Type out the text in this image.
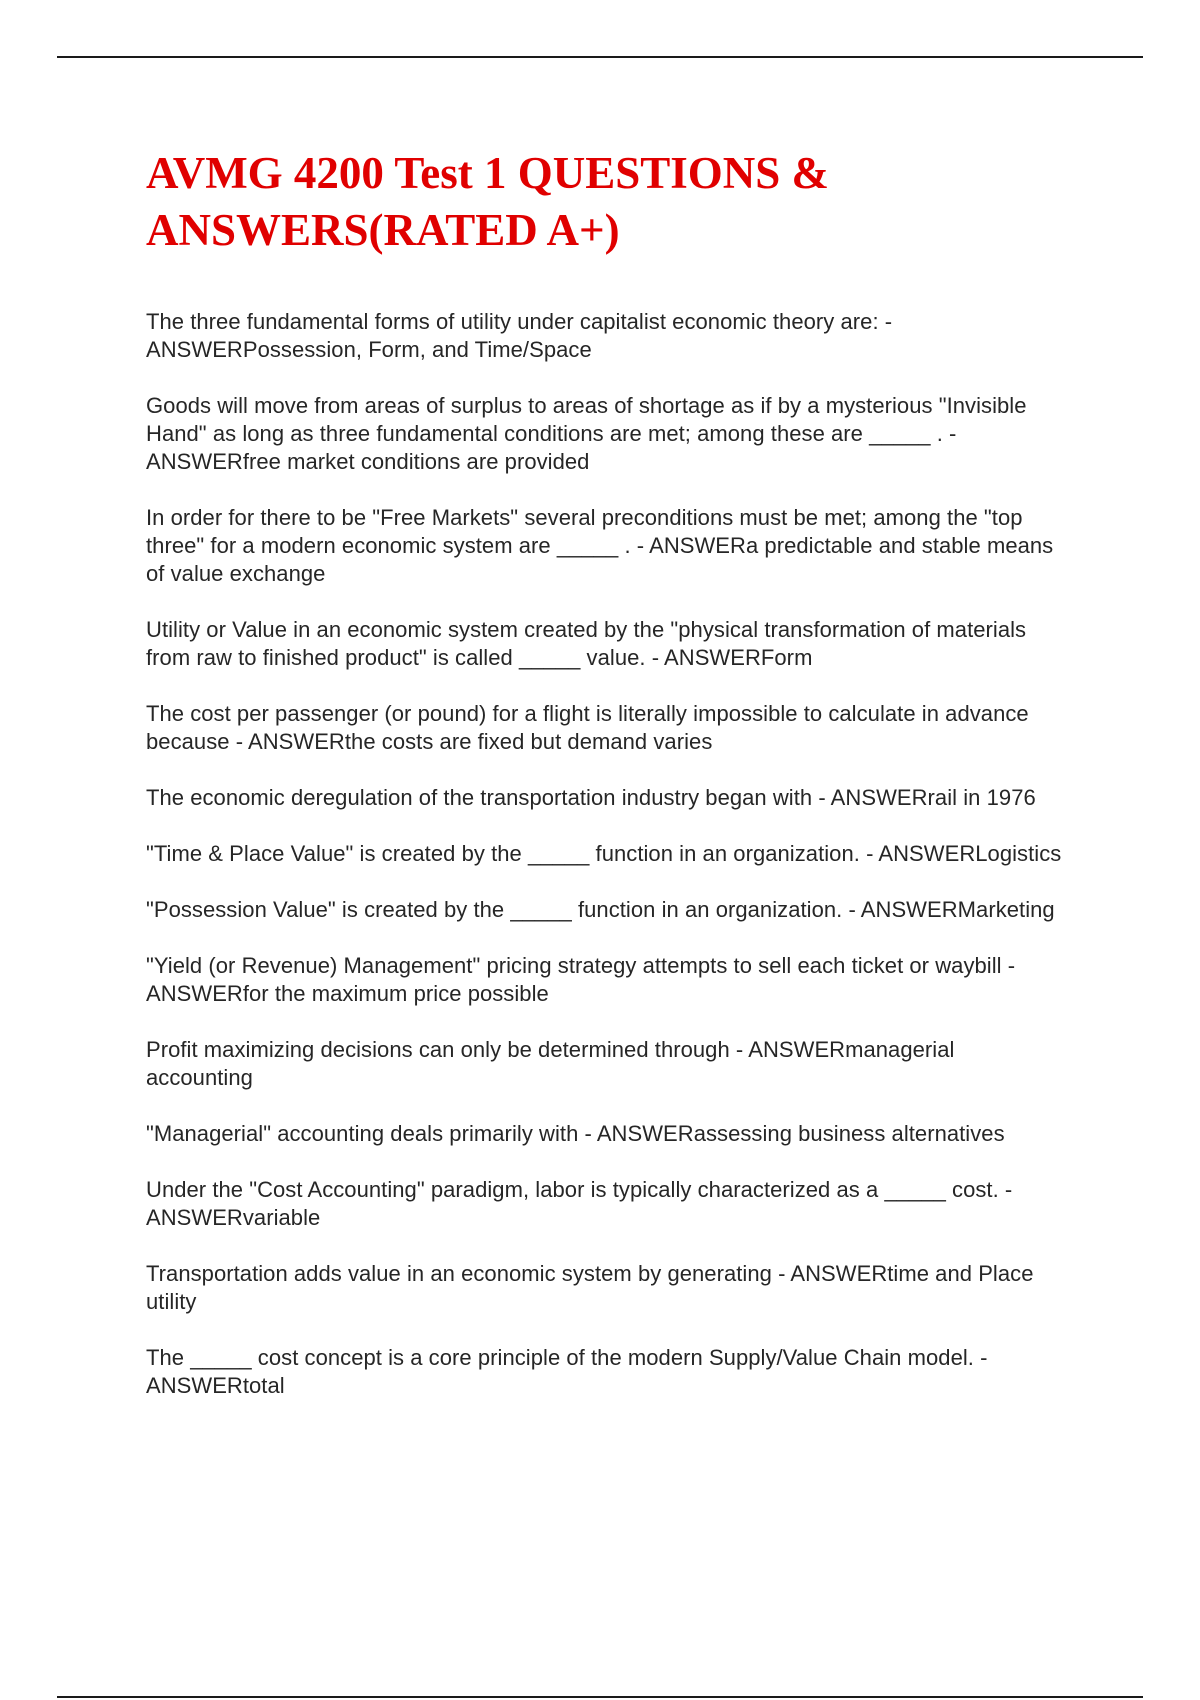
AVMG 4200 Test 1 QUESTIONS & ANSWERS(RATED A+)

The three fundamental forms of utility under capitalist economic theory are: - ANSWERPossession, Form, and Time/Space

Goods will move from areas of surplus to areas of shortage as if by a mysterious "Invisible Hand" as long as three fundamental conditions are met; among these are _____ . - ANSWERfree market conditions are provided

In order for there to be "Free Markets" several preconditions must be met; among the "top three" for a modern economic system are _____ . - ANSWERa predictable and stable means of value exchange

Utility or Value in an economic system created by the "physical transformation of materials from raw to finished product" is called _____ value. - ANSWERForm

The cost per passenger (or pound) for a flight is literally impossible to calculate in advance because - ANSWERthe costs are fixed but demand varies

The economic deregulation of the transportation industry began with - ANSWERrail in 1976

"Time & Place Value" is created by the _____ function in an organization. - ANSWERLogistics

"Possession Value" is created by the _____ function in an organization. - ANSWERMarketing

"Yield (or Revenue) Management" pricing strategy attempts to sell each ticket or waybill - ANSWERfor the maximum price possible

Profit maximizing decisions can only be determined through - ANSWERmanagerial accounting

"Managerial" accounting deals primarily with - ANSWERassessing business alternatives

Under the "Cost Accounting" paradigm, labor is typically characterized as a _____ cost. - ANSWERvariable

Transportation adds value in an economic system by generating - ANSWERtime and Place utility

The _____ cost concept is a core principle of the modern Supply/Value Chain model. - ANSWERtotal
